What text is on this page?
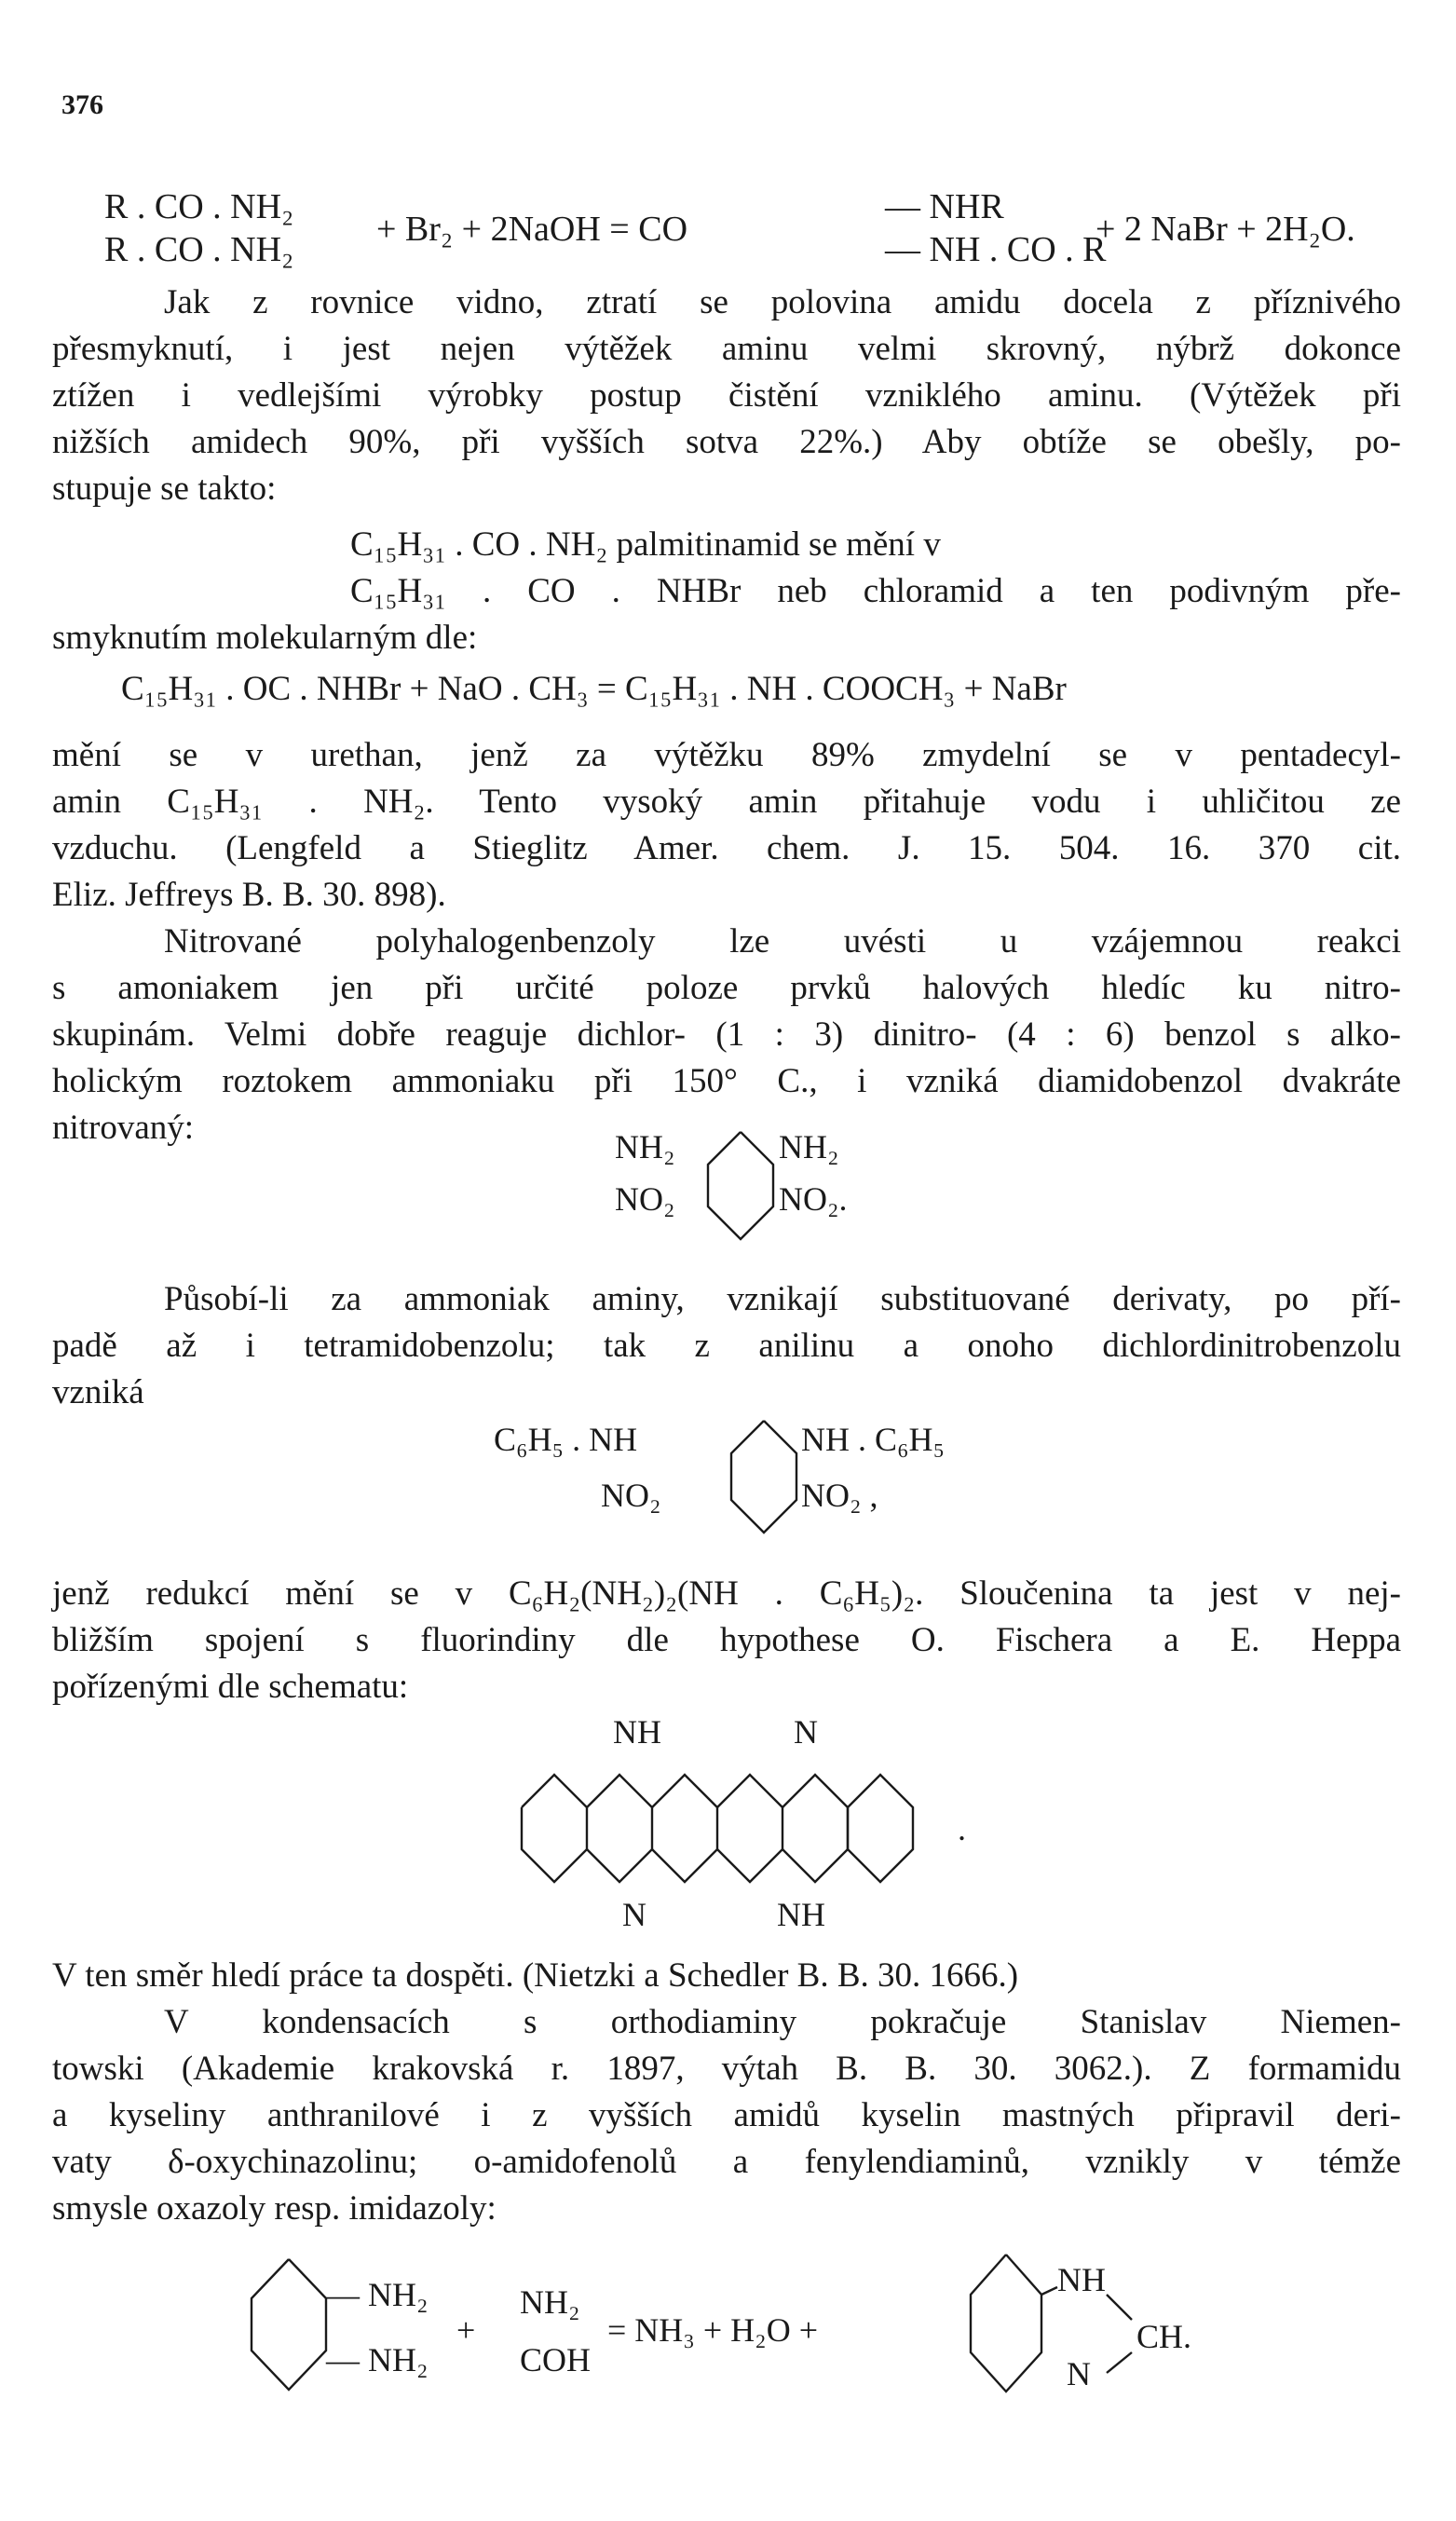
376
R . CO . NH₂
R . CO . NH₂
+ Br₂ + 2NaOH = CO
— NHR
— NH . CO . R
+ 2 NaBr + 2H₂O.
Jak z rovnice vidno, ztratí se polovina amidu docela z příznivého
přesmyknutí, i jest nejen výtěžek aminu velmi skrovný, nýbrž dokonce
ztížen i vedlejšími výrobky postup čistění vzniklého aminu. (Výtěžek při
nižších amidech 90%, při vyšších sotva 22%.) Aby obtíže se obešly, po-
stupuje se takto:
C₁₅H₃₁ . CO . NH₂ palmitinamid se mění v
C₁₅H₃₁ . CO . NHBr neb chloramid a ten podivným pře-
smyknutím molekularným dle:
C₁₅H₃₁ . OC . NHBr + NaO . CH₃ = C₁₅H₃₁ . NH . COOCH₃ + NaBr
mění se v urethan, jenž za výtěžku 89% zmydelní se v pentadecyl-
amin C₁₅H₃₁ . NH₂. Tento vysoký amin přitahuje vodu i uhličitou ze
vzduchu. (Lengfeld a Stieglitz Amer. chem. J. 15. 504. 16. 370 cit.
Eliz. Jeffreys B. B. 30. 898).
Nitrované polyhalogenbenzoly lze uvésti u vzájemnou reakci
s amoniakem jen při určité poloze prvků halových hledíc ku nitro-
skupinám. Velmi dobře reaguje dichlor- (1 : 3) dinitro- (4 : 6) benzol s alko-
holickým roztokem ammoniaku při 150° C., i vzniká diamidobenzol dvakráte
nitrovaný:	NH₂	NH₂
NO₂	NO₂.
Působí-li za ammoniak aminy, vznikají substituované derivaty, po pří-
padě až i tetramidobenzolu; tak z anilinu a onoho dichlordinitrobenzolu
vzniká
C₆H₅ . NH	NH . C₆H₅
NO₂	NO₂ ,
jenž redukcí mění se v C₆H₂(NH₂)₂(NH . C₆H₅)₂. Sloučenina ta jest v nej-
bližším spojení s fluorindiny dle hypothese O. Fischera a E. Heppa
pořízenými dle schematu:
NH	N
N	NH
.
V ten směr hledí práce ta dospěti. (Nietzki a Schedler B. B. 30. 1666.)
V kondensacích s orthodiaminy pokračuje Stanislav Niemen-
towski (Akademie krakovská r. 1897, výtah B. B. 30. 3062.). Z formamidu
a kyseliny anthranilové i z vyšších amidů kyselin mastných připravil deri-
vaty δ-oxychinazolinu; o-amidofenolů a fenylendiaminů, vznikly v témže
smysle oxazoly resp. imidazoly:
— NH₂
— NH₂
+
NH₂
COH
= NH₃ + H₂O +
NH
N
CH.
